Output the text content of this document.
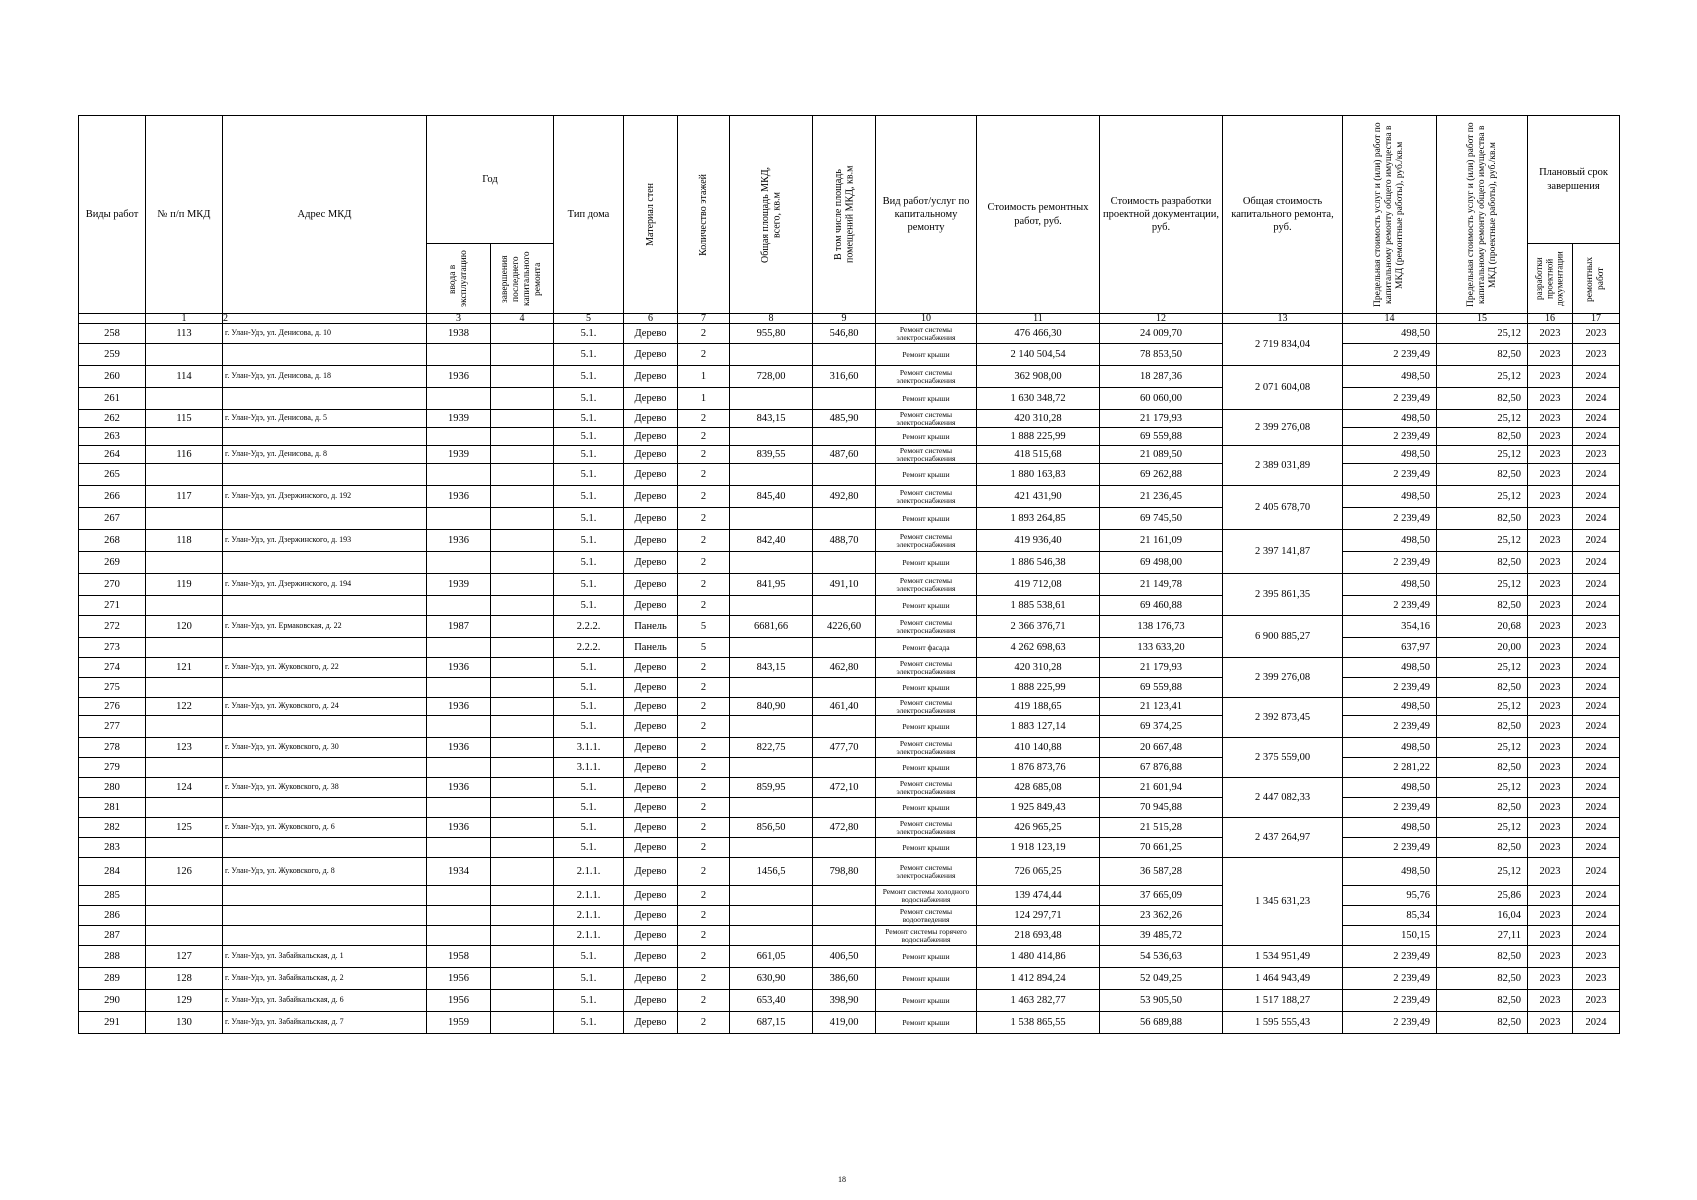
Виды работ	№ п/п МКД	Адрес МКД	Год		Тип дома	Материал стен	Количество этажей	Общая площадь МКД, всего, кв.м	В том числе площадь помещений МКД, кв.м	Вид работ/услуг по капитальному ремонту	Стоимость ремонтных работ, руб.	Стоимость разработки проектной документации, руб.	Общая стоимость капитального ремонта, руб.	Предельная стоимость услуг и (или) работ по капитальному ремонту общего имущества в МКД (ремонтные работы), руб./кв.м	Предельная стоимость услуг и (или) работ по капитальному ремонту общего имущества в МКД (проектные работы), руб./кв.м	Плановый срок завершения	

			ввода в эксплуатацию	завершения последнего капитального ремонта												разработки проектной документации	ремонтных работ

	1	2	3	4	5	6	7	8	9	10	11	12	13	14	15	16	17
258	113	г. Улан-Удэ, ул. Денисова, д. 10	1938		5.1.	Дерево	2	955,80	546,80	Ремонт системы электроснабжения	476 466,30	24 009,70	2 719 834,04	498,50	25,12	2023	2023
259					5.1.	Дерево	2			Ремонт крыши	2 140 504,54	78 853,50		2 239,49	82,50	2023	2023
260	114	г. Улан-Удэ, ул. Денисова, д. 18	1936		5.1.	Дерево	1	728,00	316,60	Ремонт системы электроснабжения	362 908,00	18 287,36	2 071 604,08	498,50	25,12	2023	2024
261					5.1.	Дерево	1			Ремонт крыши	1 630 348,72	60 060,00		2 239,49	82,50	2023	2024
262	115	г. Улан-Удэ, ул. Денисова, д. 5	1939		5.1.	Дерево	2	843,15	485,90	Ремонт системы электроснабжения	420 310,28	21 179,93	2 399 276,08	498,50	25,12	2023	2024
263					5.1.	Дерево	2			Ремонт крыши	1 888 225,99	69 559,88		2 239,49	82,50	2023	2024
264	116	г. Улан-Удэ, ул. Денисова, д. 8	1939		5.1.	Дерево	2	839,55	487,60	Ремонт системы электроснабжения	418 515,68	21 089,50	2 389 031,89	498,50	25,12	2023	2023
265					5.1.	Дерево	2			Ремонт крыши	1 880 163,83	69 262,88		2 239,49	82,50	2023	2024
266	117	г. Улан-Удэ, ул. Дзержинского, д. 192	1936		5.1.	Дерево	2	845,40	492,80	Ремонт системы электроснабжения	421 431,90	21 236,45	2 405 678,70	498,50	25,12	2023	2024
267					5.1.	Дерево	2			Ремонт крыши	1 893 264,85	69 745,50		2 239,49	82,50	2023	2024
268	118	г. Улан-Удэ, ул. Дзержинского, д. 193	1936		5.1.	Дерево	2	842,40	488,70	Ремонт системы электроснабжения	419 936,40	21 161,09	2 397 141,87	498,50	25,12	2023	2024
269					5.1.	Дерево	2			Ремонт крыши	1 886 546,38	69 498,00		2 239,49	82,50	2023	2024
270	119	г. Улан-Удэ, ул. Дзержинского, д. 194	1939		5.1.	Дерево	2	841,95	491,10	Ремонт системы электроснабжения	419 712,08	21 149,78	2 395 861,35	498,50	25,12	2023	2024
271					5.1.	Дерево	2			Ремонт крыши	1 885 538,61	69 460,88		2 239,49	82,50	2023	2024
272	120	г. Улан-Удэ, ул. Ермаковская, д. 22	1987		2.2.2.	Панель	5	6681,66	4226,60	Ремонт системы электроснабжения	2 366 376,71	138 176,73	6 900 885,27	354,16	20,68	2023	2023
273					2.2.2.	Панель	5			Ремонт фасада	4 262 698,63	133 633,20		637,97	20,00	2023	2024
274	121	г. Улан-Удэ, ул. Жуковского, д. 22	1936		5.1.	Дерево	2	843,15	462,80	Ремонт системы электроснабжения	420 310,28	21 179,93	2 399 276,08	498,50	25,12	2023	2024
275					5.1.	Дерево	2			Ремонт крыши	1 888 225,99	69 559,88		2 239,49	82,50	2023	2024
276	122	г. Улан-Удэ, ул. Жуковского, д. 24	1936		5.1.	Дерево	2	840,90	461,40	Ремонт системы электроснабжения	419 188,65	21 123,41	2 392 873,45	498,50	25,12	2023	2024
277					5.1.	Дерево	2			Ремонт крыши	1 883 127,14	69 374,25		2 239,49	82,50	2023	2024
278	123	г. Улан-Удэ, ул. Жуковского, д. 30	1936		3.1.1.	Дерево	2	822,75	477,70	Ремонт системы электроснабжения	410 140,88	20 667,48	2 375 559,00	498,50	25,12	2023	2024
279					3.1.1.	Дерево	2			Ремонт крыши	1 876 873,76	67 876,88		2 281,22	82,50	2023	2024
280	124	г. Улан-Удэ, ул. Жуковского, д. 38	1936		5.1.	Дерево	2	859,95	472,10	Ремонт системы электроснабжения	428 685,08	21 601,94	2 447 082,33	498,50	25,12	2023	2024
281					5.1.	Дерево	2			Ремонт крыши	1 925 849,43	70 945,88		2 239,49	82,50	2023	2024
282	125	г. Улан-Удэ, ул. Жуковского, д. 6	1936		5.1.	Дерево	2	856,50	472,80	Ремонт системы электроснабжения	426 965,25	21 515,28	2 437 264,97	498,50	25,12	2023	2024
283					5.1.	Дерево	2			Ремонт крыши	1 918 123,19	70 661,25		2 239,49	82,50	2023	2024
284	126	г. Улан-Удэ, ул. Жуковского, д. 8	1934		2.1.1.	Дерево	2	1456,5	798,80	Ремонт системы электроснабжения	726 065,25	36 587,28	1 345 631,23	498,50	25,12	2023	2024
285					2.1.1.	Дерево	2			Ремонт системы холодного водоснабжения	139 474,44	37 665,09		95,76	25,86	2023	2024
286					2.1.1.	Дерево	2			Ремонт системы водоотведения	124 297,71	23 362,26		85,34	16,04	2023	2024
287					2.1.1.	Дерево	2			Ремонт системы горячего водоснабжения	218 693,48	39 485,72		150,15	27,11	2023	2024
288	127	г. Улан-Удэ, ул. Забайкальская, д. 1	1958		5.1.	Дерево	2	661,05	406,50	Ремонт крыши	1 480 414,86	54 536,63	1 534 951,49	2 239,49	82,50	2023	2023
289	128	г. Улан-Удэ, ул. Забайкальская, д. 2	1956		5.1.	Дерево	2	630,90	386,60	Ремонт крыши	1 412 894,24	52 049,25	1 464 943,49	2 239,49	82,50	2023	2023
290	129	г. Улан-Удэ, ул. Забайкальская, д. 6	1956		5.1.	Дерево	2	653,40	398,90	Ремонт крыши	1 463 282,77	53 905,50	1 517 188,27	2 239,49	82,50	2023	2023
291	130	г. Улан-Удэ, ул. Забайкальская, д. 7	1959		5.1.	Дерево	2	687,15	419,00	Ремонт крыши	1 538 865,55	56 689,88	1 595 555,43	2 239,49	82,50	2023	2024
18
